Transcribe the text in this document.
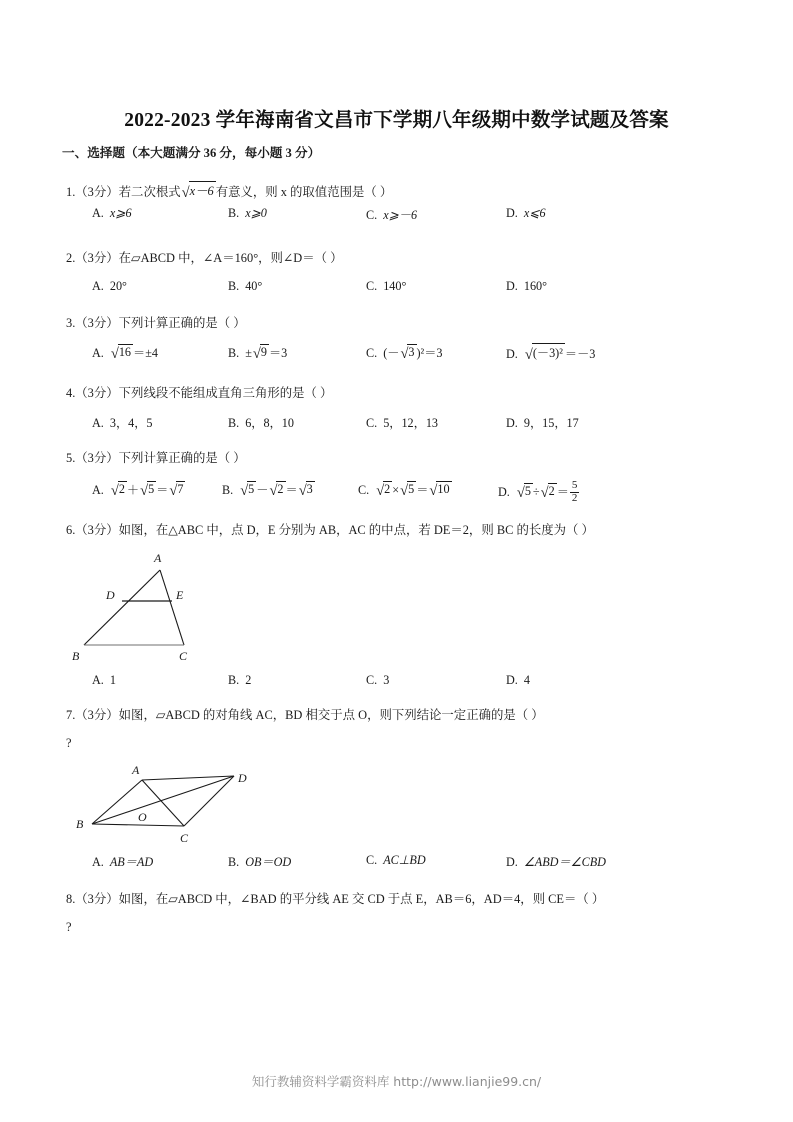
2022-2023 学年海南省文昌市下学期八年级期中数学试题及答案
一、选择题（本大题满分 36 分，每小题 3 分）
1.（3分）若二次根式√x－6 有意义，则 x 的取值范围是（ ）
A. x⩾6	B. x⩾0	C. x⩾－6	D. x⩽6
2.（3分）在▱ABCD 中，∠A＝160°，则∠D＝（ ）
A. 20°	B. 40°	C. 140°	D. 160°
3.（3分）下列计算正确的是（ ）
A. √16 ＝±4	B. ±√9 ＝3	C. (－√3 )²＝3	D. √(－3)² ＝－3
4.（3分）下列线段不能组成直角三角形的是（ ）
A. 3，4，5	B. 6，8，10	C. 5，12，13	D. 9，15，17
5.（3分）下列计算正确的是（ ）
A. √2 ＋√5 ＝√7	B. √5 －√2 ＝√3	C. √2 ×√5 ＝√10	D. $√5 \div√2 = \frac{5}{2}$
6.（3分）如图，在△ABC 中，点 D，E 分别为 AB，AC 的中点，若 DE＝2，则 BC 的长度为（ ）
A
B	C
D	E
A. 1	B. 2	C. 3	D. 4
7.（3分）如图，▱ABCD 的对角线 AC，BD 相交于点 O，则下列结论一定正确的是（ ）
?
A
D
B
C
O
A. AB＝AD	B. OB＝OD	C. AC⊥BD	D. ∠ABD＝∠CBD
8.（3分）如图，在▱ABCD 中，∠BAD 的平分线 AE 交 CD 于点 E，AB＝6，AD＝4，则 CE＝（ ）
?
知行教辅资料学霸资料库 http://www.lianjie99.cn/
